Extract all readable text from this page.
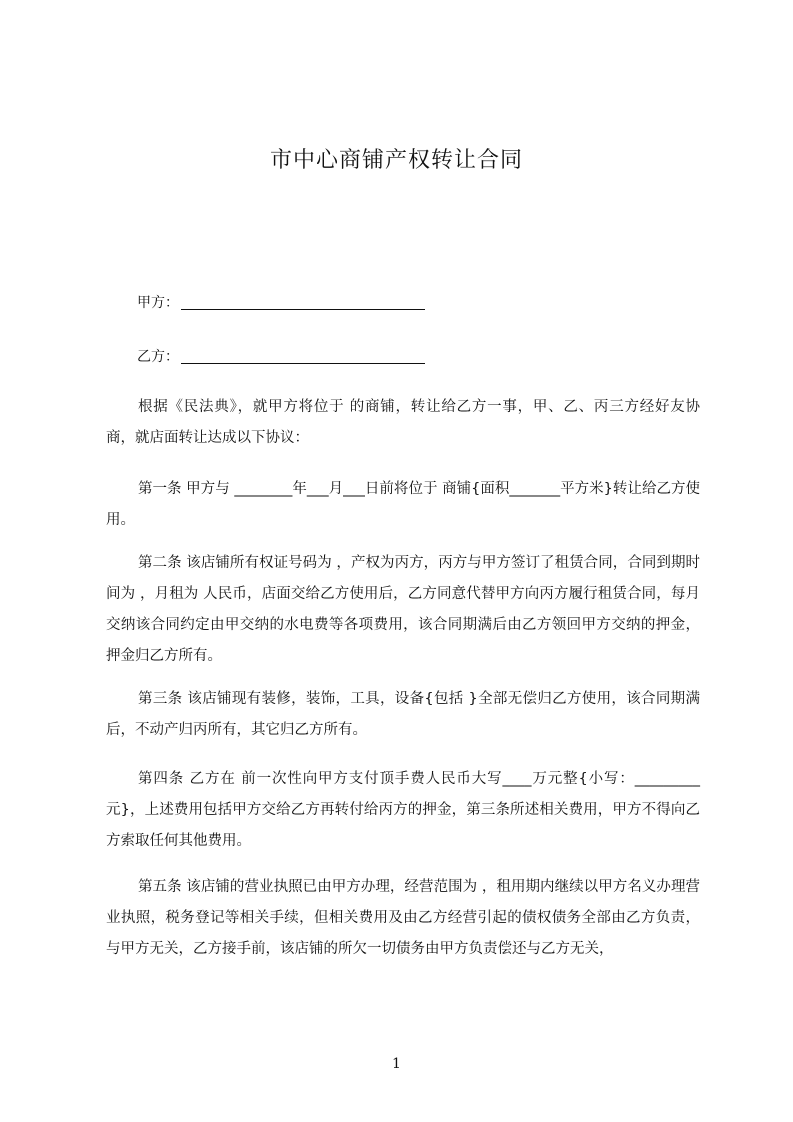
市中心商铺产权转让合同
甲方：
乙方：

根据《民法典》，就甲方将位于 的商铺，转让给乙方一事，甲、乙、丙三方经好友协商，就店面转让达成以下协议：

第一条 甲方与 ________年___月___日前将位于 商铺{面积_______平方米}转让给乙方使用。

第二条 该店铺所有权证号码为 ，产权为丙方，丙方与甲方签订了租赁合同，合同到期时间为 ，月租为 人民币，店面交给乙方使用后，乙方同意代替甲方向丙方履行租赁合同，每月交纳该合同约定由甲交纳的水电费等各项费用，该合同期满后由乙方领回甲方交纳的押金，押金归乙方所有。

第三条 该店铺现有装修，装饰，工具，设备{包括 }全部无偿归乙方使用，该合同期满后，不动产归丙所有，其它归乙方所有。

第四条 乙方在 前一次性向甲方支付顶手费人民币大写____万元整{小写：_________元}，上述费用包括甲方交给乙方再转付给丙方的押金，第三条所述相关费用，甲方不得向乙方索取任何其他费用。

第五条 该店铺的营业执照已由甲方办理，经营范围为 ，租用期内继续以甲方名义办理营业执照，税务登记等相关手续，但相关费用及由乙方经营引起的债权债务全部由乙方负责，与甲方无关，乙方接手前，该店铺的所欠一切债务由甲方负责偿还与乙方无关，

1
